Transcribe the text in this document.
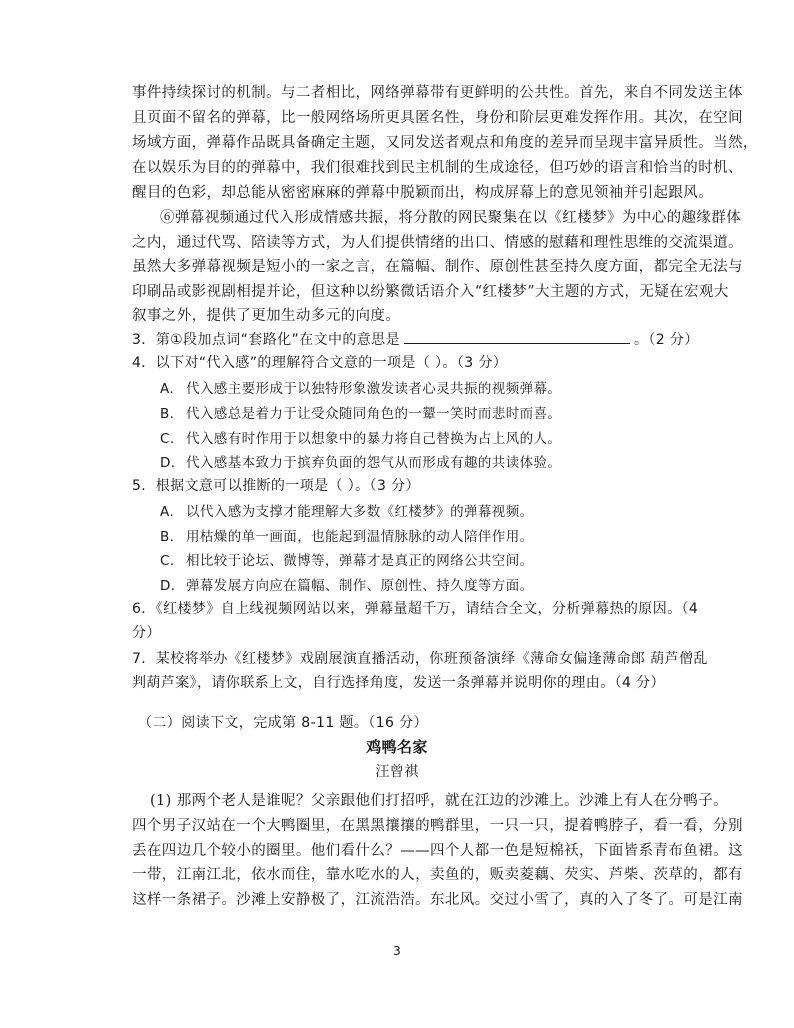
事件持续探讨的机制。与二者相比，网络弹幕带有更鲜明的公共性。首先，来自不同发送主体
且页面不留名的弹幕，比一般网络场所更具匿名性，身份和阶层更难发挥作用。其次，在空间
场域方面，弹幕作品既具备确定主题，又同发送者观点和角度的差异而呈现丰富异质性。当然，
在以娱乐为目的的弹幕中，我们很难找到民主机制的生成途径，但巧妙的语言和恰当的时机、
醒目的色彩，却总能从密密麻麻的弹幕中脱颖而出，构成屏幕上的意见领袖并引起跟风。
⑥弹幕视频通过代入形成情感共振，将分散的网民聚集在以《红楼梦》为中心的趣缘群体
之内，通过代骂、陪读等方式，为人们提供情绪的出口、情感的慰藉和理性思维的交流渠道。
虽然大多弹幕视频是短小的一家之言，在篇幅、制作、原创性甚至持久度方面，都完全无法与
印刷品或影视剧相提并论，但这种以纷繁微话语介入“红楼梦”大主题的方式，无疑在宏观大
叙事之外，提供了更加生动多元的向度。
3．第①段加点词“套路化”在文中的意思是	。（2 分）
4．以下对“代入感”的理解符合文意的一项是（ ）。（3 分）
A. 代入感主要形成于以独特形象激发读者心灵共振的视频弹幕。
B. 代入感总是着力于让受众随同角色的一颦一笑时而悲时而喜。
C. 代入感有时作用于以想象中的暴力将自己替换为占上风的人。
D. 代入感基本致力于摈弃负面的怨气从而形成有趣的共读体验。
5．根据文意可以推断的一项是（ ）。（3 分）
A. 以代入感为支撑才能理解大多数《红楼梦》的弹幕视频。
B. 用枯燥的单一画面，也能起到温情脉脉的动人陪伴作用。
C. 相比较于论坛、微博等，弹幕才是真正的网络公共空间。
D. 弹幕发展方向应在篇幅、制作、原创性、持久度等方面。
6．《红楼梦》自上线视频网站以来，弹幕量超千万，请结合全文，分析弹幕热的原因。（4
分）
7．某校将举办《红楼梦》戏剧展演直播活动，你班预备演绎《薄命女偏逢薄命郎 葫芦僧乱
判葫芦案》，请你联系上文，自行选择角度，发送一条弹幕并说明你的理由。（4 分）
（二）阅读下文，完成第 8-11 题。（16 分）
鸡鸭名家
汪曾祺
(1) 那两个老人是谁呢？父亲跟他们打招呼，就在江边的沙滩上。沙滩上有人在分鸭子。
四个男子汉站在一个大鸭圈里，在黑黑攘攘的鸭群里，一只一只，提着鸭脖子，看一看，分别
丢在四边几个较小的圈里。他们看什么？——四个人都一色是短棉袄，下面皆系青布鱼裙。这
一带，江南江北，依水而住，靠水吃水的人，卖鱼的，贩卖菱藕、芡实、芦柴、茨草的，都有
这样一条裙子。沙滩上安静极了，江流浩浩。东北风。交过小雪了，真的入了冬了。可是江南
3
